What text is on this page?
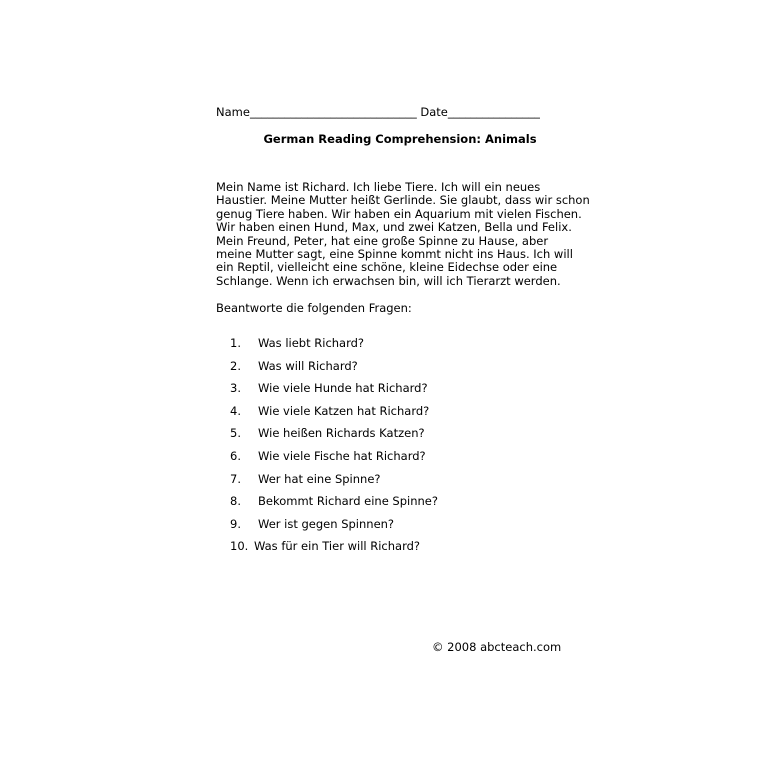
Name_____________________________ Date________________
German Reading Comprehension: Animals
Mein Name ist Richard. Ich liebe Tiere. Ich will ein neues
Haustier. Meine Mutter heißt Gerlinde. Sie glaubt, dass wir schon
genug Tiere haben. Wir haben ein Aquarium mit vielen Fischen.
Wir haben einen Hund, Max, und zwei Katzen, Bella und Felix.
Mein Freund, Peter, hat eine große Spinne zu Hause, aber
meine Mutter sagt, eine Spinne kommt nicht ins Haus. Ich will
ein Reptil, vielleicht eine schöne, kleine Eidechse oder eine
Schlange. Wenn ich erwachsen bin, will ich Tierarzt werden.
Beantworte die folgenden Fragen:
1. Was liebt Richard?
2. Was will Richard?
3. Wie viele Hunde hat Richard?
4. Wie viele Katzen hat Richard?
5. Wie heißen Richards Katzen?
6. Wie viele Fische hat Richard?
7. Wer hat eine Spinne?
8. Bekommt Richard eine Spinne?
9. Wer ist gegen Spinnen?
10. Was für ein Tier will Richard?
© 2008 abcteach.com
